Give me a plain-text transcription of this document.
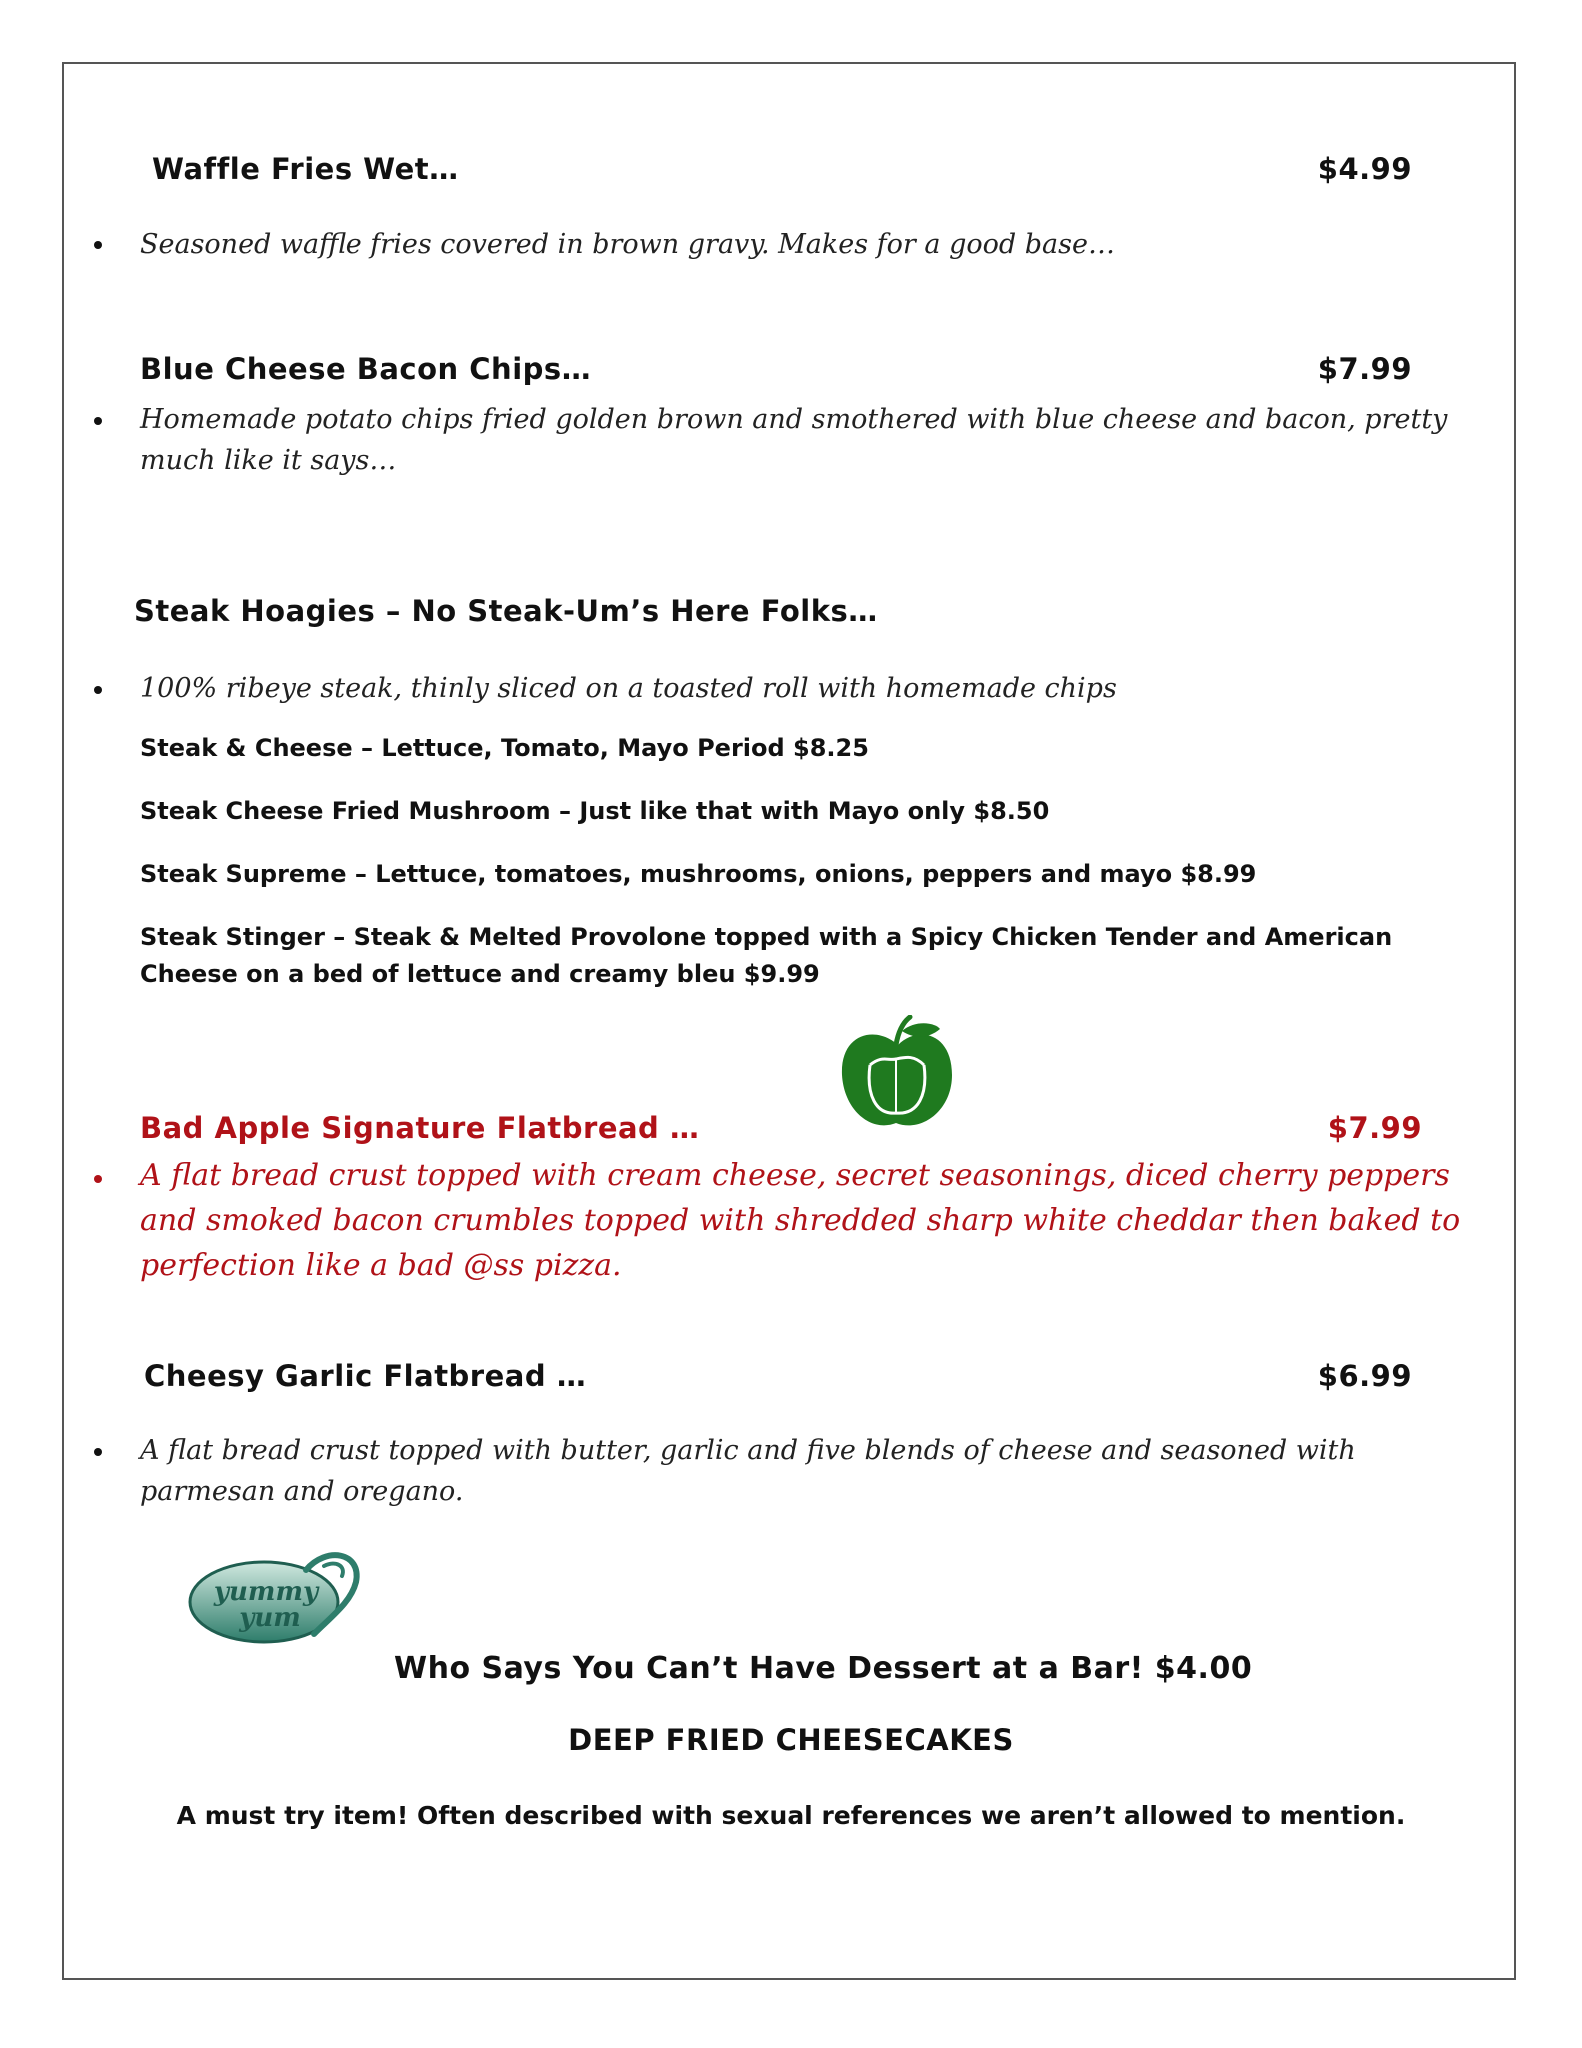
Waffle Fries Wet…	$4.99
Seasoned waffle fries covered in brown gravy. Makes for a good base…
Blue Cheese Bacon Chips…	$7.99
Homemade potato chips fried golden brown and smothered with blue cheese and bacon, pretty much like it says…
Steak Hoagies – No Steak-Um’s Here Folks…
100% ribeye steak, thinly sliced on a toasted roll with homemade chips
Steak & Cheese – Lettuce, Tomato, Mayo Period $8.25
Steak Cheese Fried Mushroom – Just like that with Mayo only $8.50
Steak Supreme – Lettuce, tomatoes, mushrooms, onions, peppers and mayo $8.99
Steak Stinger – Steak & Melted Provolone topped with a Spicy Chicken Tender and American Cheese on a bed of lettuce and creamy bleu $9.99
Bad Apple Signature Flatbread …	$7.99
A flat bread crust topped with cream cheese, secret seasonings, diced cherry peppers and smoked bacon crumbles topped with shredded sharp white cheddar then baked to perfection like a bad @ss pizza.
Cheesy Garlic Flatbread …	$6.99
A flat bread crust topped with butter, garlic and five blends of cheese and seasoned with parmesan and oregano.
yummy
yum
Who Says You Can’t Have Dessert at a Bar! $4.00
DEEP FRIED CHEESECAKES
A must try item! Often described with sexual references we aren’t allowed to mention.
